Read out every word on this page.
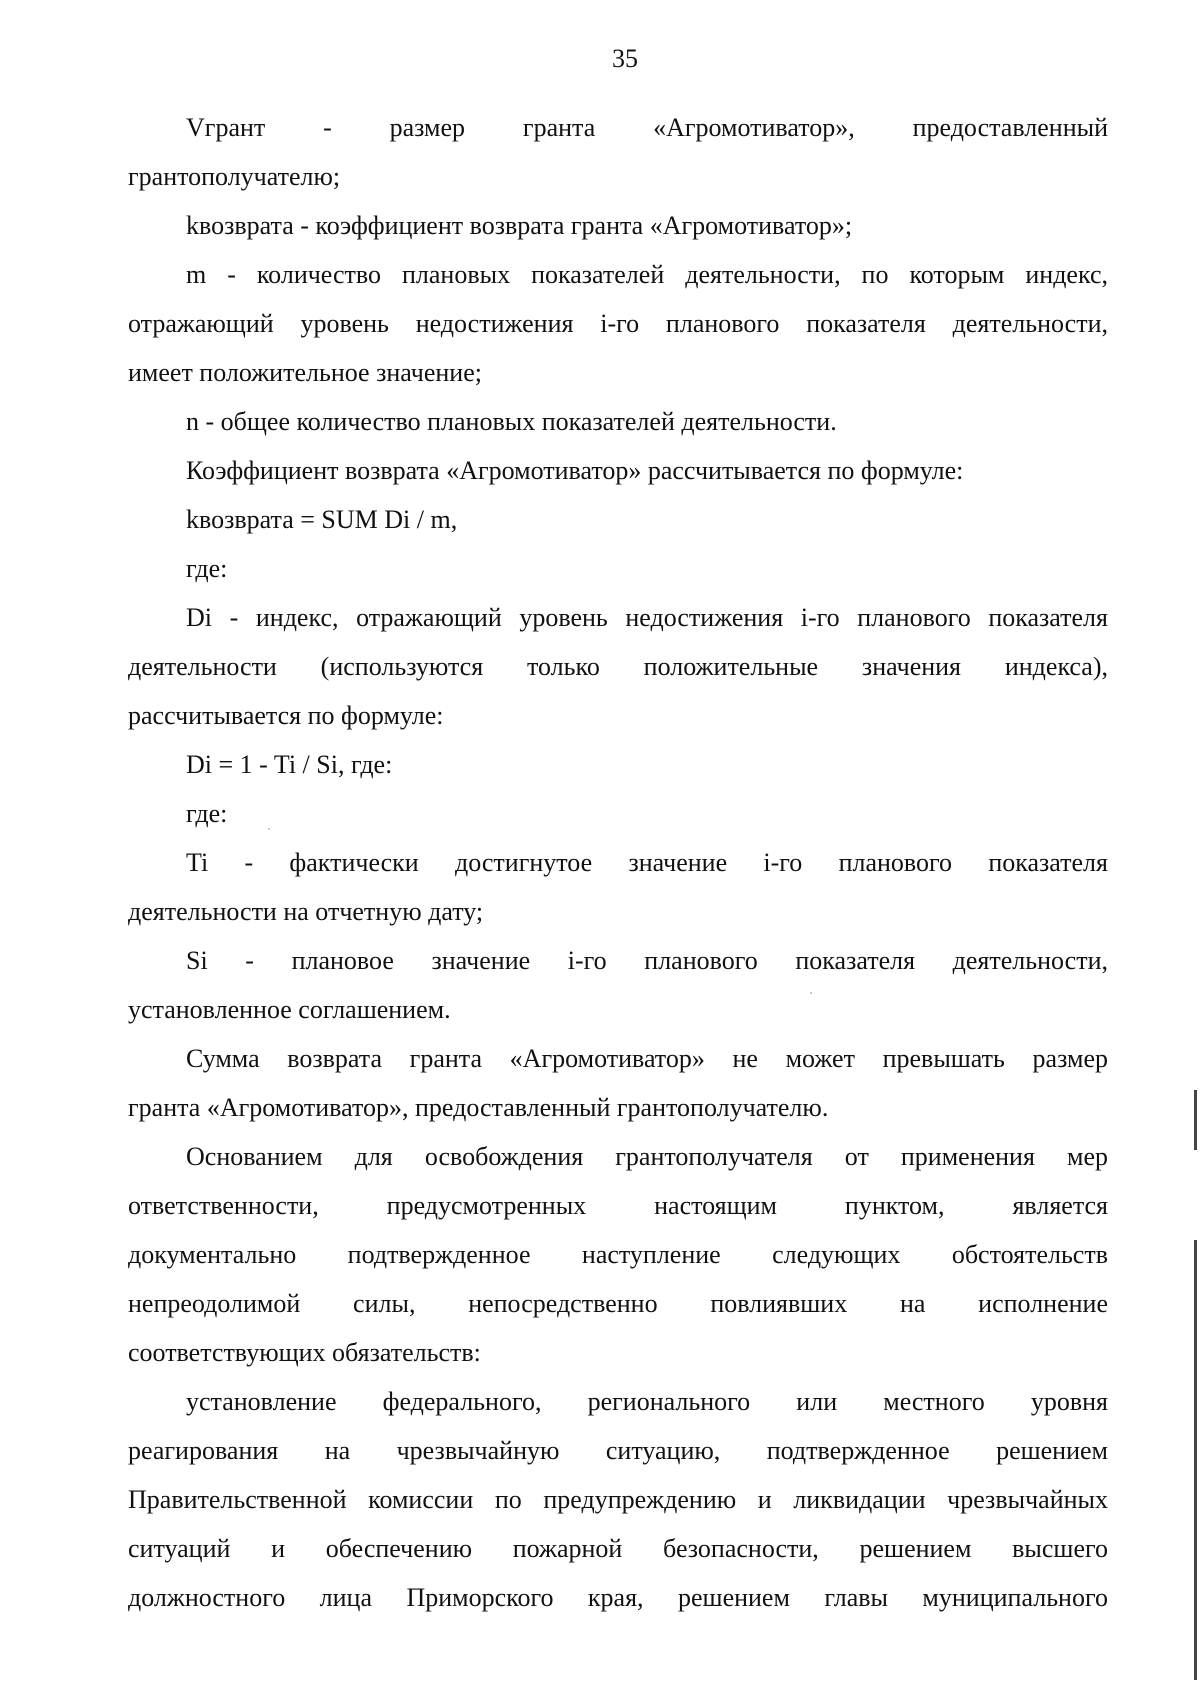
35
Vгрант - размер гранта «Агромотиватор», предоставленный
грантополучателю;
kвозврата - коэффициент возврата гранта «Агромотиватор»;
m - количество плановых показателей деятельности, по которым индекс,
отражающий уровень недостижения i-го планового показателя деятельности,
имеет положительное значение;
n - общее количество плановых показателей деятельности.
Коэффициент возврата «Агромотиватор» рассчитывается по формуле:
kвозврата = SUM Di / m,
где:
Di - индекс, отражающий уровень недостижения i-го планового показателя
деятельности (используются только положительные значения индекса),
рассчитывается по формуле:
Di = 1 - Ti / Si, где:
где:
Ti - фактически достигнутое значение i-го планового показателя
деятельности на отчетную дату;
Si - плановое значение i-го планового показателя деятельности,
установленное соглашением.
Сумма возврата гранта «Агромотиватор» не может превышать размер
гранта «Агромотиватор», предоставленный грантополучателю.
Основанием для освобождения грантополучателя от применения мер
ответственности, предусмотренных настоящим пунктом, является
документально подтвержденное наступление следующих обстоятельств
непреодолимой силы, непосредственно повлиявших на исполнение
соответствующих обязательств:
установление федерального, регионального или местного уровня
реагирования на чрезвычайную ситуацию, подтвержденное решением
Правительственной комиссии по предупреждению и ликвидации чрезвычайных
ситуаций и обеспечению пожарной безопасности, решением высшего
должностного лица Приморского края, решением главы муниципального
